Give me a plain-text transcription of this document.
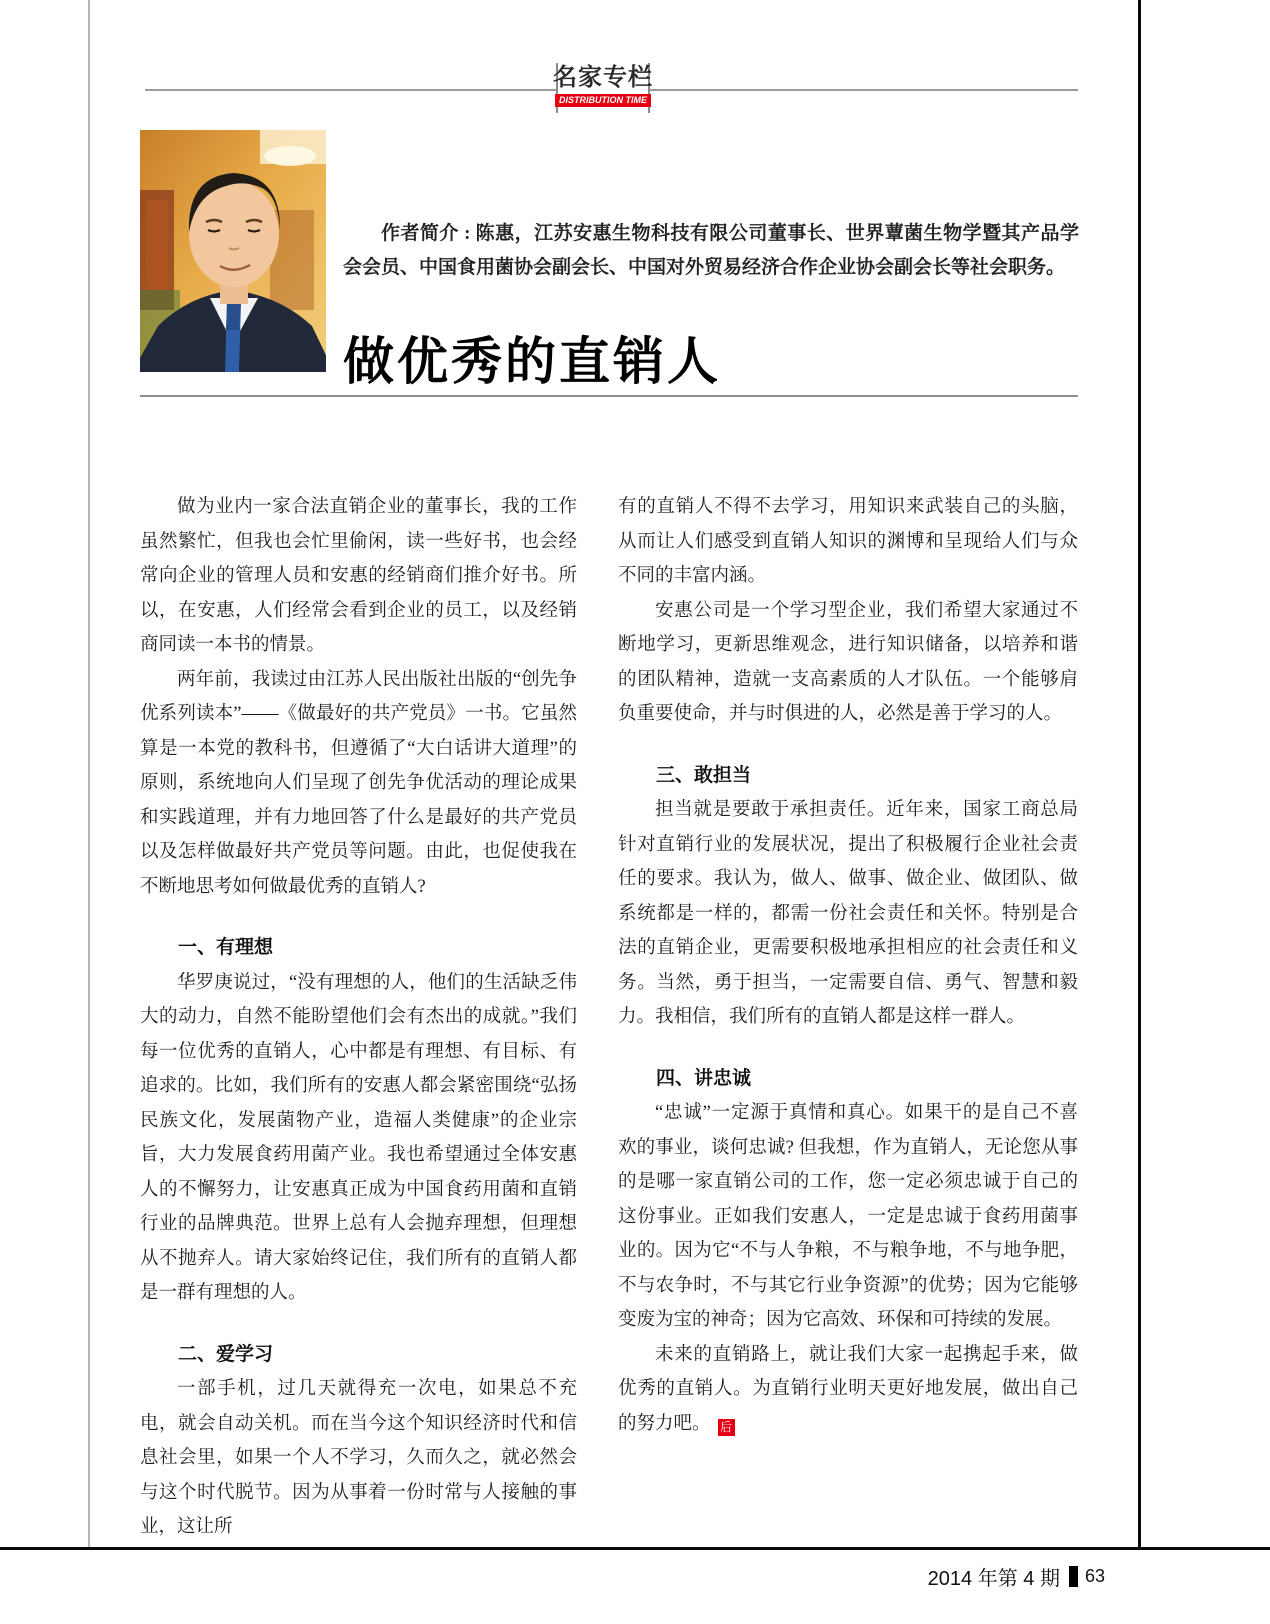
名家专栏
DISTRIBUTION TIME

作者简介 : 陈惠，江苏安惠生物科技有限公司董事长、世界蕈菌生物学暨其产品学会会员、中国食用菌协会副会长、中国对外贸易经济合作企业协会副会长等社会职务。

做优秀的直销人

做为业内一家合法直销企业的董事长，我的工作虽然繁忙，但我也会忙里偷闲，读一些好书，也会经常向企业的管理人员和安惠的经销商们推介好书。所以，在安惠，人们经常会看到企业的员工，以及经销商同读一本书的情景。

两年前，我读过由江苏人民出版社出版的“创先争优系列读本”——《做最好的共产党员》一书。它虽然算是一本党的教科书，但遵循了“大白话讲大道理”的原则，系统地向人们呈现了创先争优活动的理论成果和实践道理，并有力地回答了什么是最好的共产党员以及怎样做最好共产党员等问题。由此，也促使我在不断地思考如何做最优秀的直销人?

一、有理想

华罗庚说过，“没有理想的人，他们的生活缺乏伟大的动力，自然不能盼望他们会有杰出的成就。”我们每一位优秀的直销人，心中都是有理想、有目标、有追求的。比如，我们所有的安惠人都会紧密围绕“弘扬民族文化，发展菌物产业，造福人类健康”的企业宗旨，大力发展食药用菌产业。我也希望通过全体安惠人的不懈努力，让安惠真正成为中国食药用菌和直销行业的品牌典范。世界上总有人会抛弃理想，但理想从不抛弃人。请大家始终记住，我们所有的直销人都是一群有理想的人。

二、爱学习

一部手机，过几天就得充一次电，如果总不充电，就会自动关机。而在当今这个知识经济时代和信息社会里，如果一个人不学习，久而久之，就必然会与这个时代脱节。因为从事着一份时常与人接触的事业，这让所

有的直销人不得不去学习，用知识来武装自己的头脑，从而让人们感受到直销人知识的渊博和呈现给人们与众不同的丰富内涵。

安惠公司是一个学习型企业，我们希望大家通过不断地学习，更新思维观念，进行知识储备，以培养和谐的团队精神，造就一支高素质的人才队伍。一个能够肩负重要使命，并与时俱进的人，必然是善于学习的人。

三、敢担当

担当就是要敢于承担责任。近年来，国家工商总局针对直销行业的发展状况，提出了积极履行企业社会责任的要求。我认为，做人、做事、做企业、做团队、做系统都是一样的，都需一份社会责任和关怀。特别是合法的直销企业，更需要积极地承担相应的社会责任和义务。当然，勇于担当，一定需要自信、勇气、智慧和毅力。我相信，我们所有的直销人都是这样一群人。

四、讲忠诚

“忠诚”一定源于真情和真心。如果干的是自己不喜欢的事业，谈何忠诚? 但我想，作为直销人，无论您从事的是哪一家直销公司的工作，您一定必须忠诚于自己的这份事业。正如我们安惠人，一定是忠诚于食药用菌事业的。因为它“不与人争粮，不与粮争地，不与地争肥，不与农争时，不与其它行业争资源”的优势；因为它能够变废为宝的神奇；因为它高效、环保和可持续的发展。

未来的直销路上，就让我们大家一起携起手来，做优秀的直销人。为直销行业明天更好地发展，做出自己的努力吧。 后

2014 年第 4 期 63
